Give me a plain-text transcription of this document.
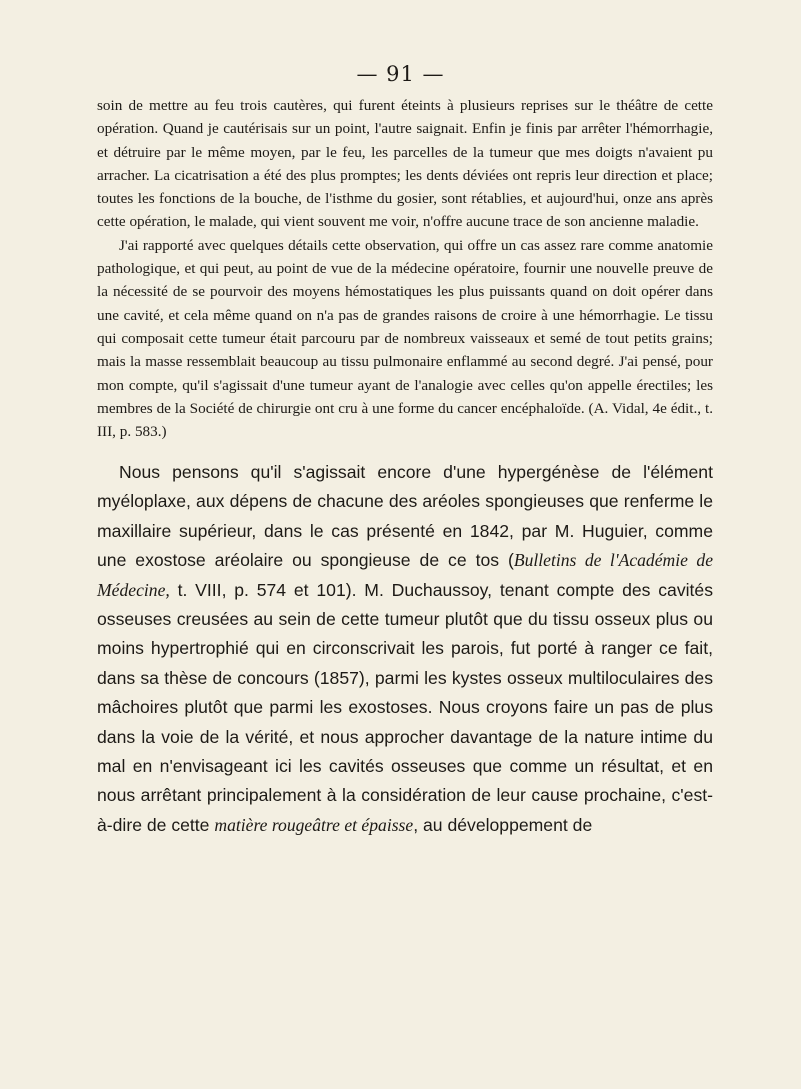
— 91 —

soin de mettre au feu trois cautères, qui furent éteints à plusieurs reprises sur le théâtre de cette opération. Quand je cautérisais sur un point, l'autre saignait. Enfin je finis par arrêter l'hémorrhagie, et détruire par le même moyen, par le feu, les parcelles de la tumeur que mes doigts n'avaient pu arracher. La cicatrisation a été des plus promptes; les dents déviées ont repris leur direction et place; toutes les fonctions de la bouche, de l'isthme du gosier, sont rétablies, et aujourd'hui, onze ans après cette opération, le malade, qui vient souvent me voir, n'offre aucune trace de son ancienne maladie.

J'ai rapporté avec quelques détails cette observation, qui offre un cas assez rare comme anatomie pathologique, et qui peut, au point de vue de la médecine opératoire, fournir une nouvelle preuve de la nécessité de se pourvoir des moyens hémostatiques les plus puissants quand on doit opérer dans une cavité, et cela même quand on n'a pas de grandes raisons de croire à une hémorrhagie. Le tissu qui composait cette tumeur était parcouru par de nombreux vaisseaux et semé de tout petits grains; mais la masse ressemblait beaucoup au tissu pulmonaire enflammé au second degré. J'ai pensé, pour mon compte, qu'il s'agissait d'une tumeur ayant de l'analogie avec celles qu'on appelle érectiles; les membres de la Société de chirurgie ont cru à une forme du cancer encéphaloïde. (A. Vidal, 4e édit., t. III, p. 583.)

Nous pensons qu'il s'agissait encore d'une hypergénèse de l'élément myéloplaxe, aux dépens de chacune des aréoles spongieuses que renferme le maxillaire supérieur, dans le cas présenté en 1842, par M. Huguier, comme une exostose aréolaire ou spongieuse de ce tos (Bulletins de l'Académie de Médecine, t. VIII, p. 574 et 101). M. Duchaussoy, tenant compte des cavités osseuses creusées au sein de cette tumeur plutôt que du tissu osseux plus ou moins hypertrophié qui en circonscrivait les parois, fut porté à ranger ce fait, dans sa thèse de concours (1857), parmi les kystes osseux multiloculaires des mâchoires plutôt que parmi les exostoses. Nous croyons faire un pas de plus dans la voie de la vérité, et nous approcher davantage de la nature intime du mal en n'envisageant ici les cavités osseuses que comme un résultat, et en nous arrêtant principalement à la considération de leur cause prochaine, c'est-à-dire de cette matière rougeâtre et épaisse, au développement de
